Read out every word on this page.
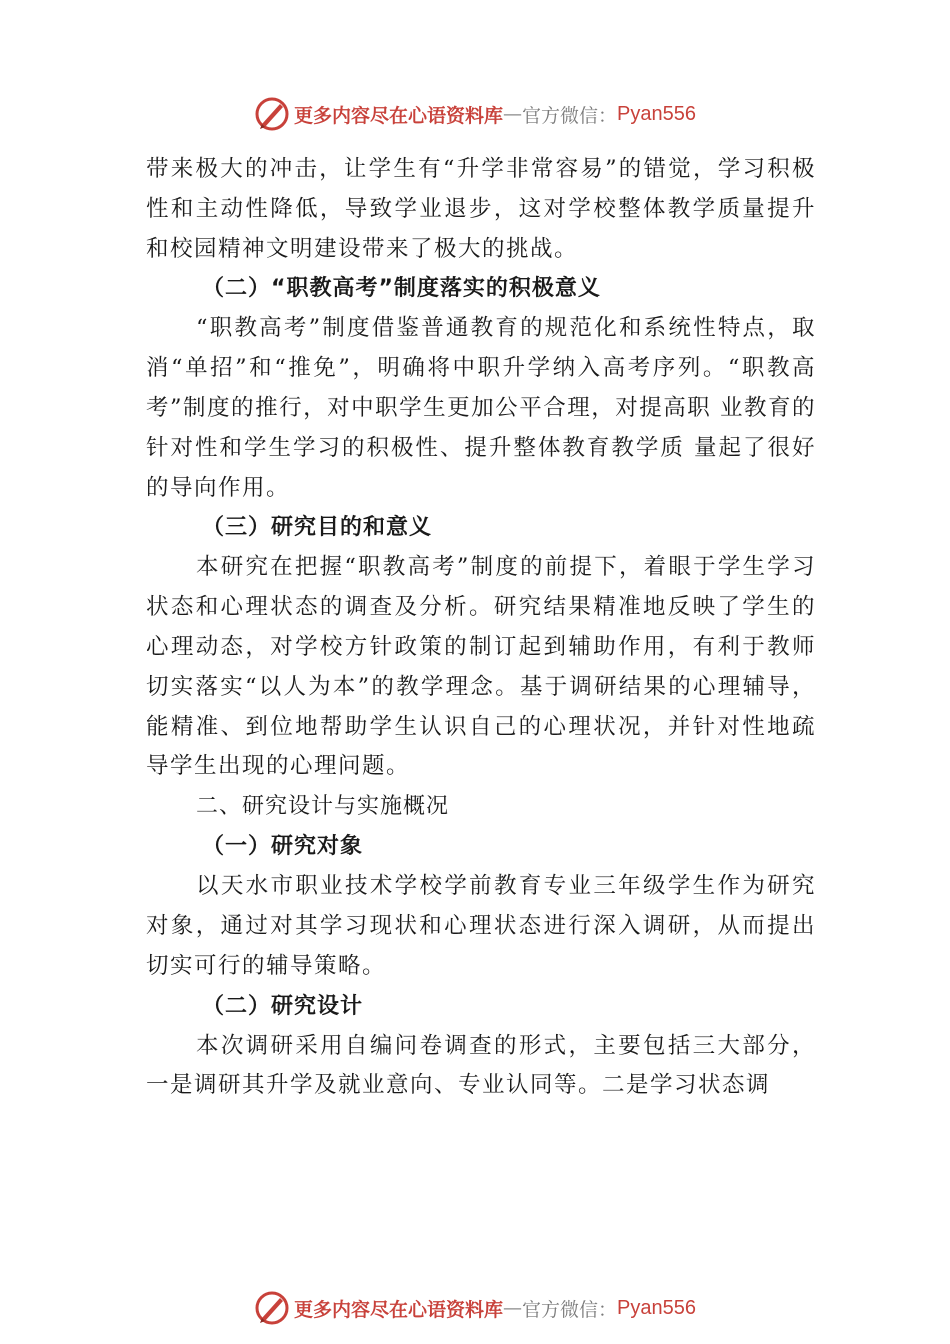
更多内容尽在心语资料库 — 官方微信： Pyan556

带来极大的冲击，让学生有“升学非常容易”的错觉，学习积极性和主动性降低，导致学业退步，这对学校整体教学质量提升和校园精神文明建设带来了极大的挑战。

（二）“职教高考”制度落实的积极意义

“职教高考”制度借鉴普通教育的规范化和系统性特点，取消“单招”和“推免”，明确将中职升学纳入高考序列。“职教高考”制度的推行，对中职学生更加公平合理，对提高职 业教育的针对性和学生学习的积极性、提升整体教育教学质 量起了很好的导向作用。

（三）研究目的和意义

本研究在把握“职教高考”制度的前提下，着眼于学生学习状态和心理状态的调查及分析。研究结果精准地反映了学生的心理动态，对学校方针政策的制订起到辅助作用，有利于教师切实落实“以人为本”的教学理念。基于调研结果的心理辅导，能精准、到位地帮助学生认识自己的心理状况，并针对性地疏导学生出现的心理问题。

二、研究设计与实施概况

（一）研究对象

以天水市职业技术学校学前教育专业三年级学生作为研究对象，通过对其学习现状和心理状态进行深入调研，从而提出切实可行的辅导策略。

（二）研究设计

本次调研采用自编问卷调查的形式，主要包括三大部分，一是调研其升学及就业意向、专业认同等。二是学习状态调

更多内容尽在心语资料库 — 官方微信： Pyan556
